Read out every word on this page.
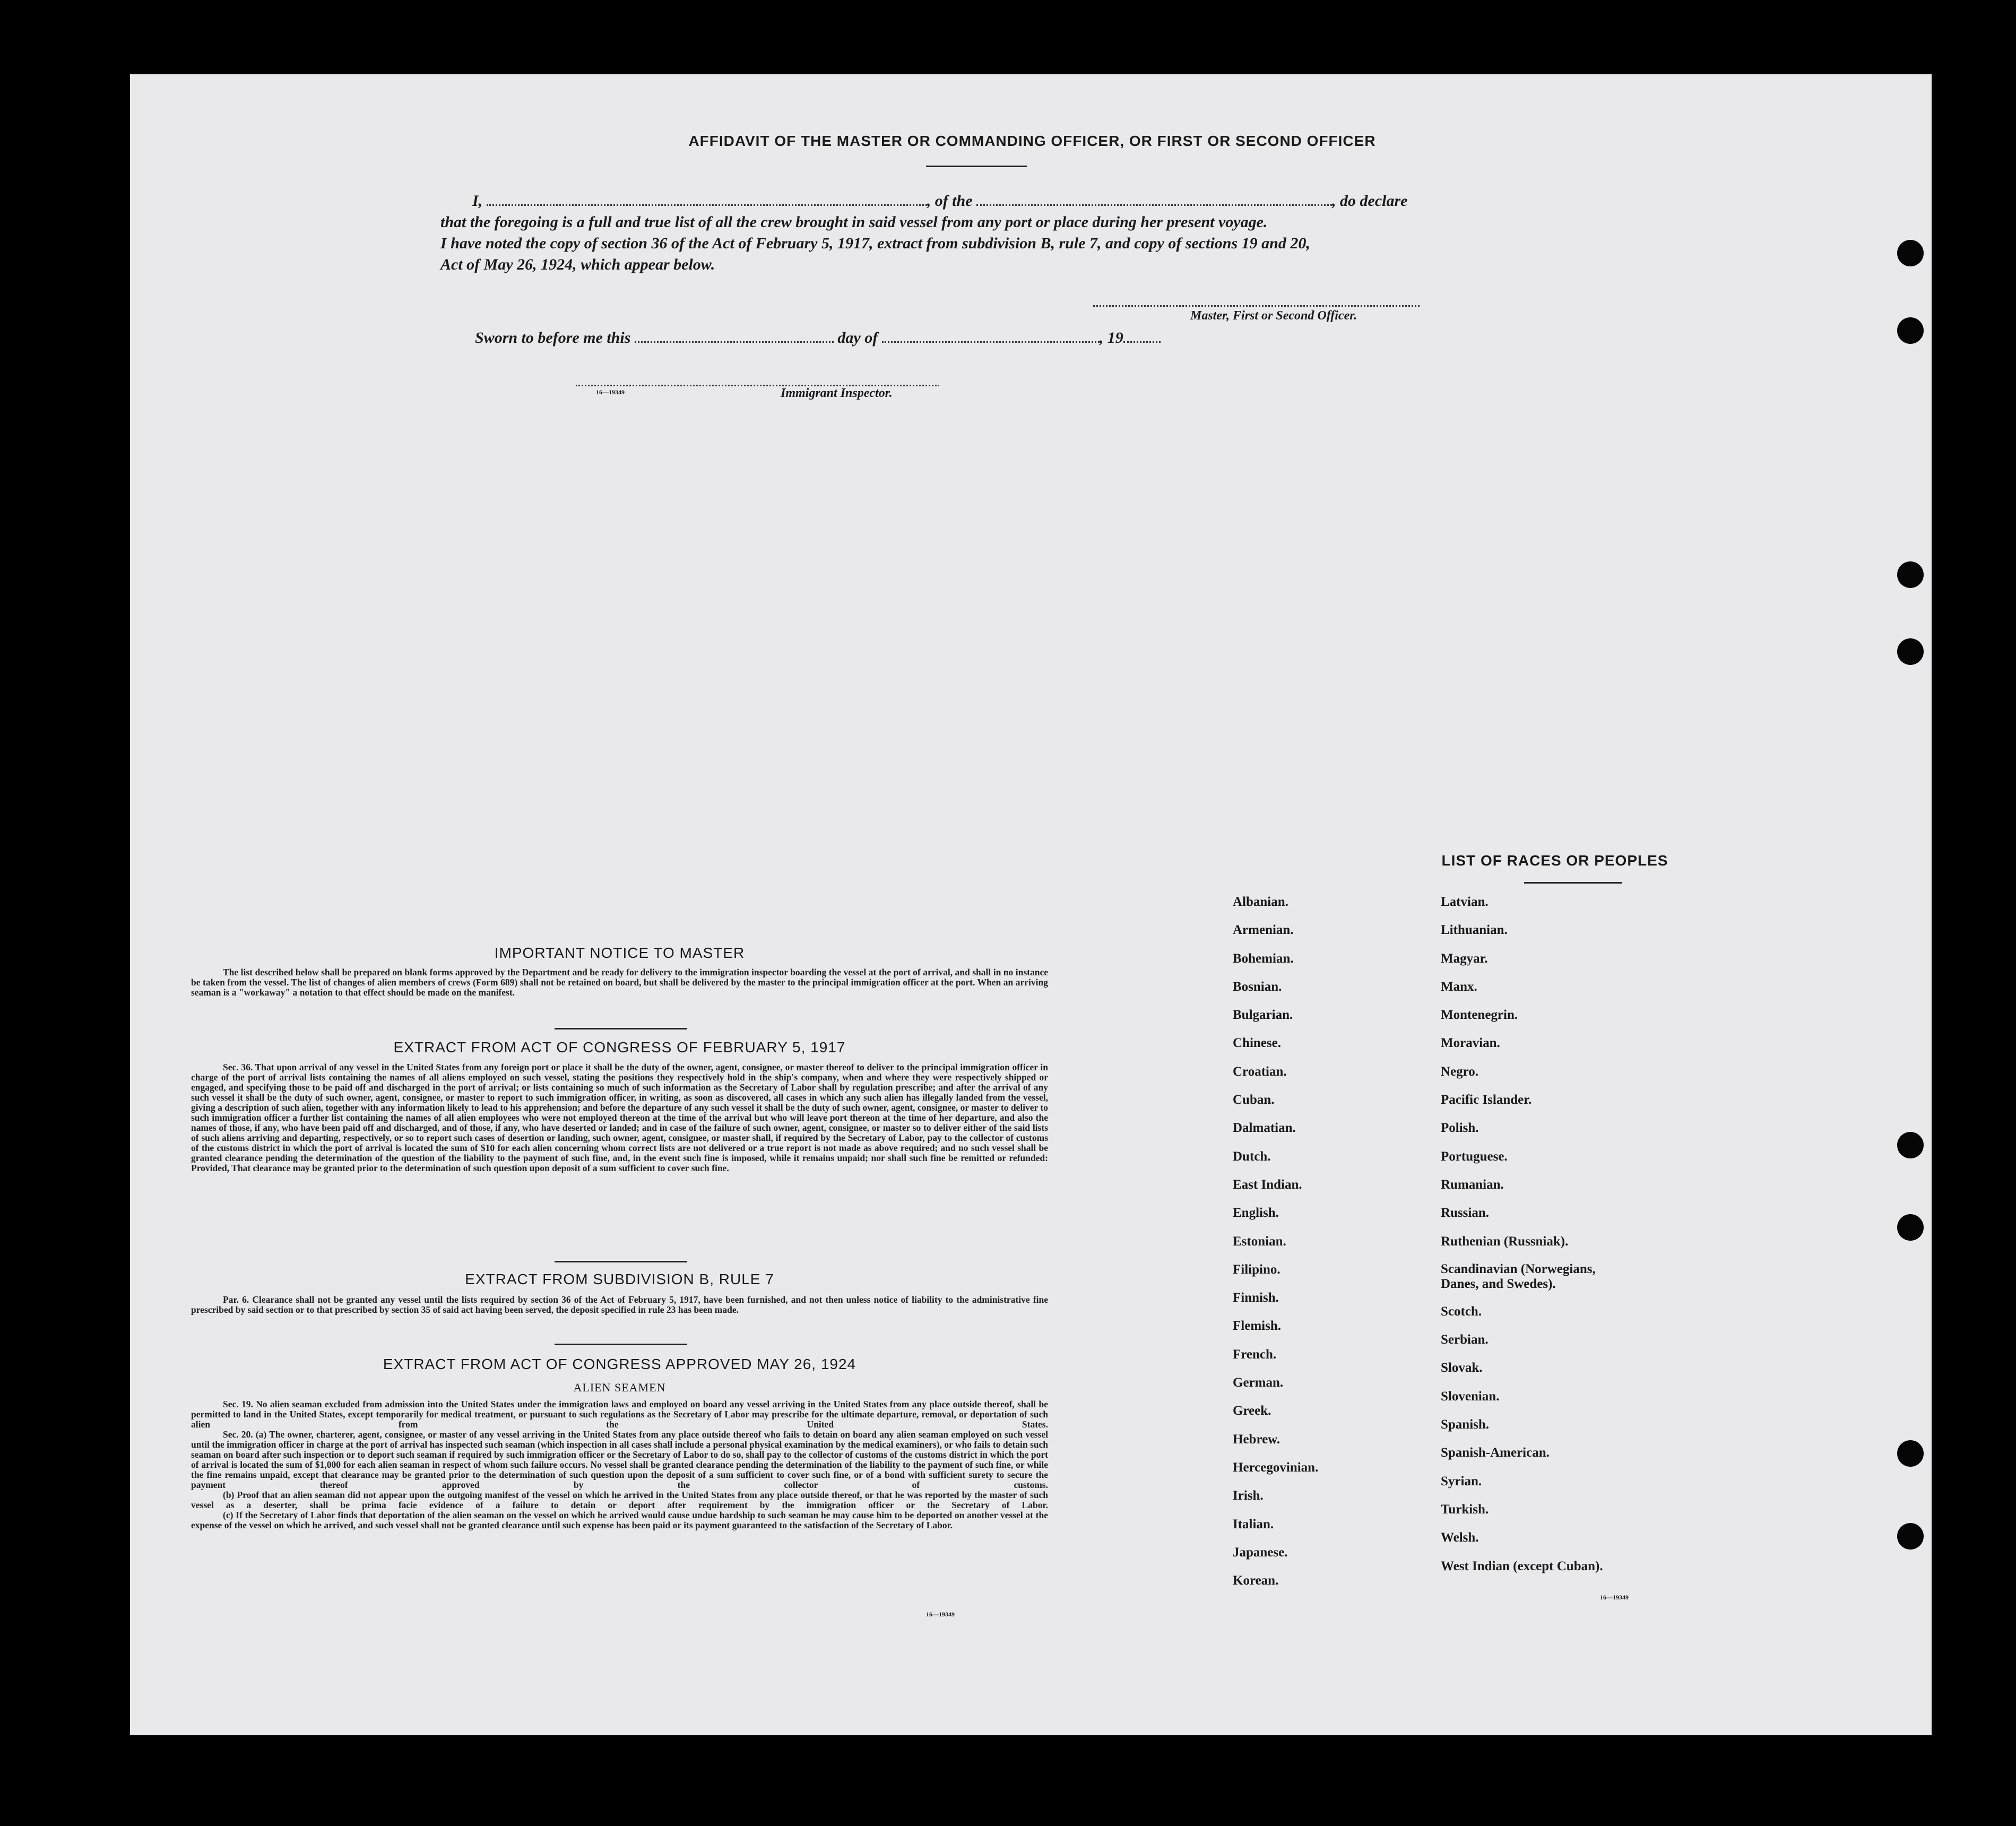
AFFIDAVIT OF THE MASTER OR COMMANDING OFFICER, OR FIRST OR SECOND OFFICER
I,	, of the	, do declare
that the foregoing is a full and true list of all the crew brought in said vessel from any port or place during her present voyage.
I have noted the copy of section 36 of the Act of February 5, 1917, extract from subdivision B, rule 7, and copy of sections 19 and 20,
Act of May 26, 1924, which appear below.
Master, First or Second Officer.
Sworn to before me this	day of	, 19
16—19349	Immigrant Inspector.
IMPORTANT NOTICE TO MASTER

The list described below shall be prepared on blank forms approved by the Department and be ready for delivery to the immigration inspector boarding the vessel at the port of arrival, and shall in no instance be taken from the vessel. The list of changes of alien members of crews (Form 689) shall not be retained on board, but shall be delivered by the master to the principal immigration officer at the port. When an arriving seaman is a "workaway" a notation to that effect should be made on the manifest.

EXTRACT FROM ACT OF CONGRESS OF FEBRUARY 5, 1917

Sec. 36. That upon arrival of any vessel in the United States from any foreign port or place it shall be the duty of the owner, agent, consignee, or master thereof to deliver to the principal immigration officer in charge of the port of arrival lists containing the names of all aliens employed on such vessel, stating the positions they respectively hold in the ship's company, when and where they were respectively shipped or engaged, and specifying those to be paid off and discharged in the port of arrival; or lists containing so much of such information as the Secretary of Labor shall by regulation prescribe; and after the arrival of any such vessel it shall be the duty of such owner, agent, consignee, or master to report to such immigration officer, in writing, as soon as discovered, all cases in which any such alien has illegally landed from the vessel, giving a description of such alien, together with any information likely to lead to his apprehension; and before the departure of any such vessel it shall be the duty of such owner, agent, consignee, or master to deliver to such immigration officer a further list containing the names of all alien employees who were not employed thereon at the time of the arrival but who will leave port thereon at the time of her departure, and also the names of those, if any, who have been paid off and discharged, and of those, if any, who have deserted or landed; and in case of the failure of such owner, agent, consignee, or master so to deliver either of the said lists of such aliens arriving and departing, respectively, or so to report such cases of desertion or landing, such owner, agent, consignee, or master shall, if required by the Secretary of Labor, pay to the collector of customs of the customs district in which the port of arrival is located the sum of $10 for each alien concerning whom correct lists are not delivered or a true report is not made as above required; and no such vessel shall be granted clearance pending the determination of the question of the liability to the payment of such fine, and, in the event such fine is imposed, while it remains unpaid; nor shall such fine be remitted or refunded: Provided, That clearance may be granted prior to the determination of such question upon deposit of a sum sufficient to cover such fine.

EXTRACT FROM SUBDIVISION B, RULE 7

Par. 6. Clearance shall not be granted any vessel until the lists required by section 36 of the Act of February 5, 1917, have been furnished, and not then unless notice of liability to the administrative fine prescribed by said section or to that prescribed by section 35 of said act having been served, the deposit specified in rule 23 has been made.

EXTRACT FROM ACT OF CONGRESS APPROVED MAY 26, 1924
ALIEN SEAMEN

Sec. 19. No alien seaman excluded from admission into the United States under the immigration laws and employed on board any vessel arriving in the United States from any place outside thereof, shall be permitted to land in the United States, except temporarily for medical treatment, or pursuant to such regulations as the Secretary of Labor may prescribe for the ultimate departure, removal, or deportation of such alien from the United States.

Sec. 20. (a) The owner, charterer, agent, consignee, or master of any vessel arriving in the United States from any place outside thereof who fails to detain on board any alien seaman employed on such vessel until the immigration officer in charge at the port of arrival has inspected such seaman (which inspection in all cases shall include a personal physical examination by the medical examiners), or who fails to detain such seaman on board after such inspection or to deport such seaman if required by such immigration officer or the Secretary of Labor to do so, shall pay to the collector of customs of the customs district in which the port of arrival is located the sum of $1,000 for each alien seaman in respect of whom such failure occurs. No vessel shall be granted clearance pending the determination of the liability to the payment of such fine, or while the fine remains unpaid, except that clearance may be granted prior to the determination of such question upon the deposit of a sum sufficient to cover such fine, or of a bond with sufficient surety to secure the payment thereof approved by the collector of customs.

(b) Proof that an alien seaman did not appear upon the outgoing manifest of the vessel on which he arrived in the United States from any place outside thereof, or that he was reported by the master of such vessel as a deserter, shall be prima facie evidence of a failure to detain or deport after requirement by the immigration officer or the Secretary of Labor.

(c) If the Secretary of Labor finds that deportation of the alien seaman on the vessel on which he arrived would cause undue hardship to such seaman he may cause him to be deported on another vessel at the expense of the vessel on which he arrived, and such vessel shall not be granted clearance until such expense has been paid or its payment guaranteed to the satisfaction of the Secretary of Labor.

16—19349
LIST OF RACES OR PEOPLES
Albanian.
Armenian.
Bohemian.
Bosnian.
Bulgarian.
Chinese.
Croatian.
Cuban.
Dalmatian.
Dutch.
East Indian.
English.
Estonian.
Filipino.
Finnish.
Flemish.
French.
German.
Greek.
Hebrew.
Hercegovinian.
Irish.
Italian.
Japanese.
Korean.
Latvian.
Lithuanian.
Magyar.
Manx.
Montenegrin.
Moravian.
Negro.
Pacific Islander.
Polish.
Portuguese.
Rumanian.
Russian.
Ruthenian (Russniak).
Scandinavian (Norwegians, Danes, and Swedes).
Scotch.
Serbian.
Slovak.
Slovenian.
Spanish.
Spanish-American.
Syrian.
Turkish.
Welsh.
West Indian (except Cuban).
16—19349
